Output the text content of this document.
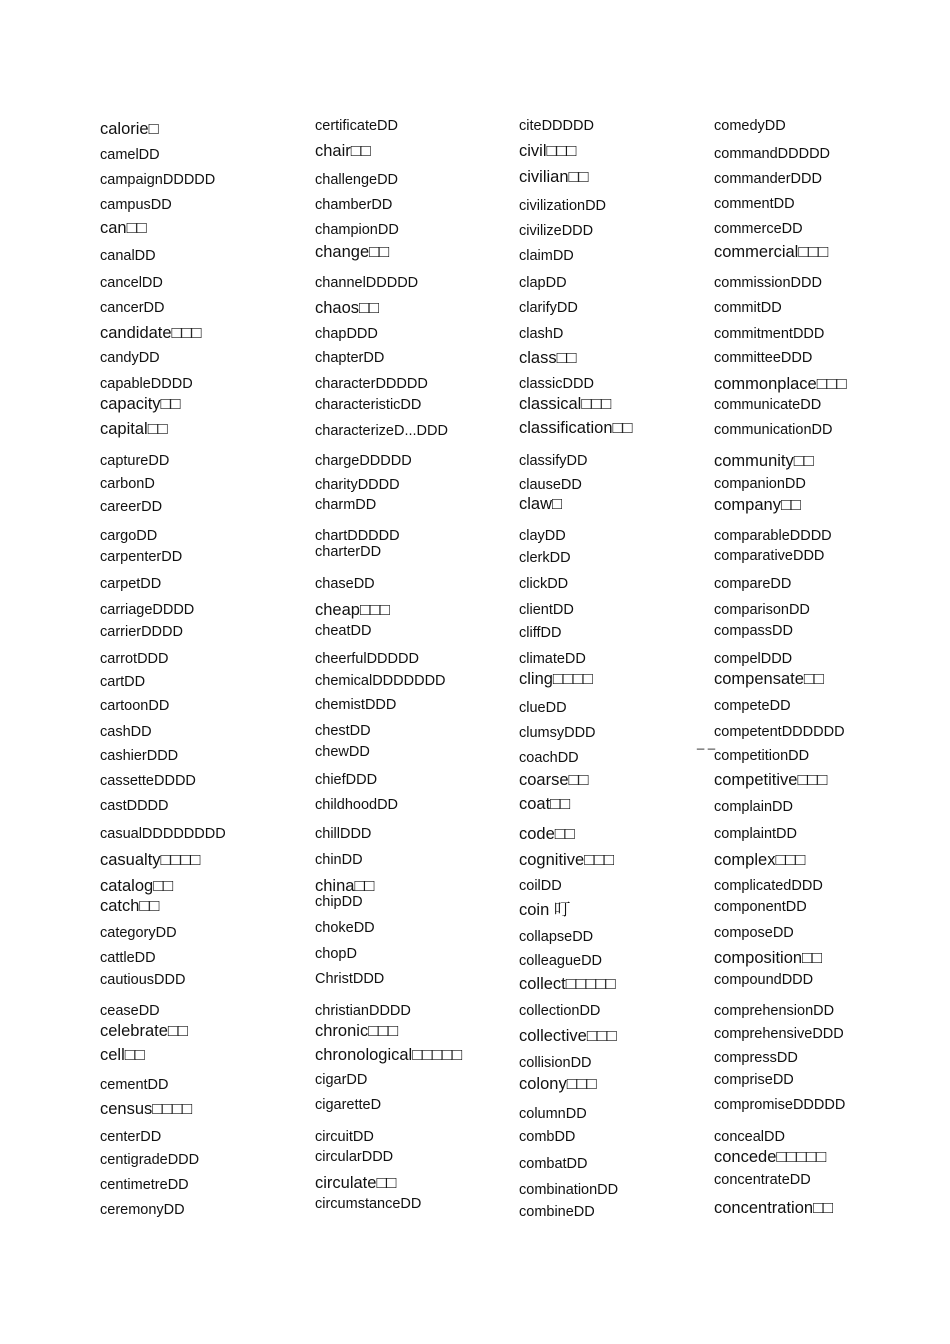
calorie□
camelDD
campaignDDDDD
campusDD
can□□
canalDD
cancelDD
cancerDD
candidate□□□
candyDD
capableDDDD
capacity□□
capital□□
captureDD
carbonD
careerDD
cargoDD
carpenterDD
carpetDD
carriageDDDD
carrierDDDD
carrotDDD
cartDD
cartoonDD
cashDD
cashierDDD
cassetteDDDD
castDDDD
casualDDDDDDDD
casualty□□□□
catalog□□
catch□□
categoryDD
cattleDD
cautiousDDD
ceaseDD
celebrate□□
cell□□
cementDD
census□□□□
centerDD
centigradeDDD
centimetreDD
ceremonyDD
certificateDD
chair□□
challengeDD
chamberDD
championDD
change□□
channelDDDDD
chaos□□
chapDDD
chapterDD
characterDDDDD
characteristicDD
characterizeD...DDD
chargeDDDDD
charityDDDD
charmDD
chartDDDDD
charterDD
chaseDD
cheap□□□
cheatDD
cheerfulDDDDD
chemicalDDDDDDD
chemistDDD
chestDD
chewDD
chiefDDD
childhoodDD
chillDDD
chinDD
china□□
chipDD
chokeDD
chopD
ChristDDD
christianDDDD
chronic□□□
chronological□□□□□
cigarDD
cigaretteD
circuitDD
circularDDD
circulate□□
circumstanceDD
citeDDDDD
civil□□□
civilian□□
civilizationDD
civilizeDDD
claimDD
clapDD
clarifyDD
clashD
class□□
classicDDD
classical□□□
classification□□
classifyDD
clauseDD
claw□
clayDD
clerkDD
clickDD
clientDD
cliffDD
climateDD
cling□□□□
clueDD
clumsyDDD
coachDD
coarse□□
coat□□
code□□
cognitive□□□
coilDD
coin 叮
collapseDD
colleagueDD
collect□□□□□
collectionDD
collective□□□
collisionDD
colony□□□
columnDD
combDD
combatDD
combinationDD
combineDD
comedyDD
commandDDDDD
commanderDDD
commentDD
commerceDD
commercial□□□
commissionDDD
commitDD
commitmentDDD
committeeDDD
commonplace□□□
communicateDD
communicationDD
community□□
companionDD
company□□
comparableDDDD
comparativeDDD
compareDD
comparisonDD
compassDD
compelDDD
compensate□□
competeDD
competentDDDDDD
competitionDD
competitive□□□
complainDD
complaintDD
complex□□□
complicatedDDD
componentDD
composeDD
composition□□
compoundDDD
comprehensionDD
comprehensiveDDD
compressDD
compriseDD
compromiseDDDDD
concealDD
concede□□□□□
concentrateDD
concentration□□
_ _
